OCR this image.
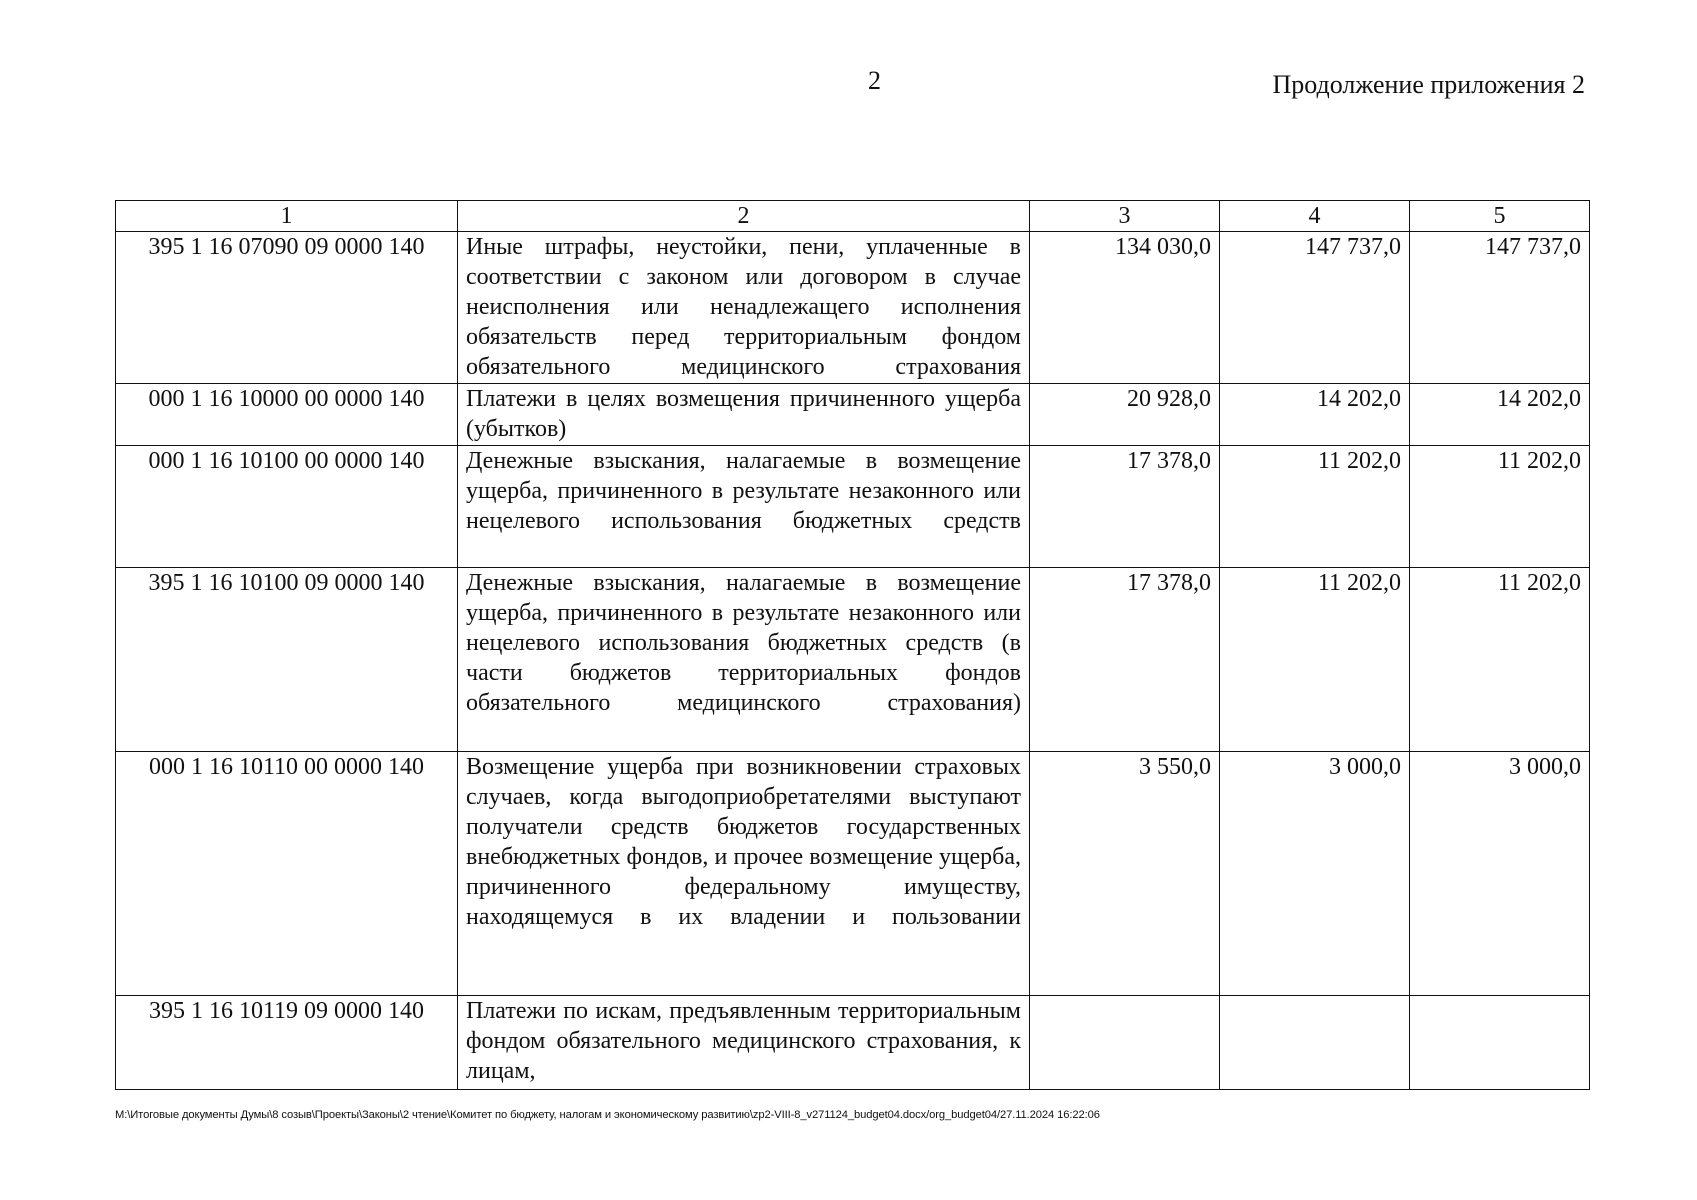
2	Продолжение приложения 2
1	2	3	4	5
395 1 16 07090 09 0000 140	Иные штрафы, неустойки, пени, уплаченные в соответствии с законом или договором в случае неисполнения или ненадлежащего исполнения обязательств перед территориальным фондом обязательного медицинского страхования	134 030,0	147 737,0	147 737,0
000 1 16 10000 00 0000 140	Платежи в целях возмещения причиненного ущерба (убытков)	20 928,0	14 202,0	14 202,0
000 1 16 10100 00 0000 140	Денежные взыскания, налагаемые в возмещение ущерба, причиненного в результате незаконного или нецелевого использования бюджетных средств	17 378,0	11 202,0	11 202,0
395 1 16 10100 09 0000 140	Денежные взыскания, налагаемые в возмещение ущерба, причиненного в результате незаконного или нецелевого использования бюджетных средств (в части бюджетов территориальных фондов обязательного медицинского страхования)	17 378,0	11 202,0	11 202,0
000 1 16 10110 00 0000 140	Возмещение ущерба при возникновении страховых случаев, когда выгодоприобретателями выступают получатели средств бюджетов государственных внебюджетных фондов, и прочее возмещение ущерба, причиненного федеральному имуществу, находящемуся в их владении и пользовании	3 550,0	3 000,0	3 000,0
395 1 16 10119 09 0000 140	Платежи по искам, предъявленным территориальным фондом обязательного медицинского страхования, к лицам,			
M:\Итоговые документы Думы\8 созыв\Проекты\Законы\2 чтение\Комитет по бюджету, налогам и экономическому развитию\zp2-VIII-8_v271124_budget04.docx/org_budget04/27.11.2024 16:22:06
